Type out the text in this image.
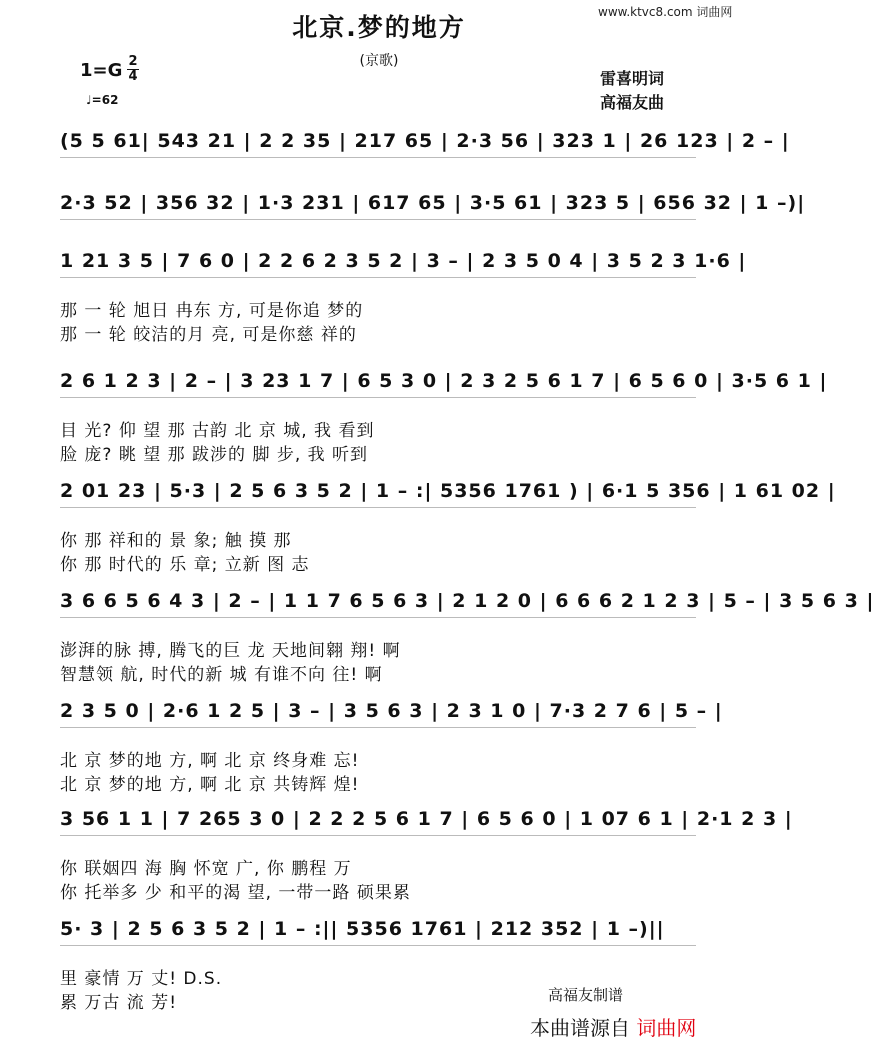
www.ktvc8.com 词曲网
北京.梦的地方
(京歌)
1=G 2
4
♩=62
雷喜明词
高福友曲
(5 5 61| 543 21 | 2 2 35 | 217 65 | 2·3 56 | 323 1 | 26 123 | 2 – |
2·3 52 | 356 32 | 1·3 231 | 617 65 | 3·5 61 | 323 5 | 656 32 | 1 –)|
1 21 3 5 | 7 6 0 | 2 2 6 2 3 5 2 | 3 – | 2 3 5 0 4 | 3 5 2 3 1·6 |
那 一 轮 旭日 冉东 方, 可是你追 梦的
那 一 轮 皎洁的月 亮, 可是你慈 祥的
2 6 1 2 3 | 2 – | 3 23 1 7 | 6 5 3 0 | 2 3 2 5 6 1 7 | 6 5 6 0 | 3·5 6 1 |
目 光? 仰 望 那 古韵 北 京 城, 我 看到
脸 庞? 眺 望 那 跋涉的 脚 步, 我 听到
2 01 23 | 5·3 | 2 5 6 3 5 2 | 1 – :| 5356 1761 ) | 6·1 5 356 | 1 61 02 |
你 那 祥和的 景 象; 触 摸 那
你 那 时代的 乐 章; 立新 图 志
3 6 6 5 6 4 3 | 2 – | 1 1 7 6 5 6 3 | 2 1 2 0 | 6 6 6 2 1 2 3 | 5 – | 3 5 6 3 |
澎湃的脉 搏, 腾飞的巨 龙 天地间翱 翔! 啊
智慧领 航, 时代的新 城 有谁不向 往! 啊
2 3 5 0 | 2·6 1 2 5 | 3 – | 3 5 6 3 | 2 3 1 0 | 7·3 2 7 6 | 5 – |
北 京 梦的地 方, 啊 北 京 终身难 忘!
北 京 梦的地 方, 啊 北 京 共铸辉 煌!
3 56 1 1 | 7 265 3 0 | 2 2 2 5 6 1 7 | 6 5 6 0 | 1 07 6 1 | 2·1 2 3 |
你 联姻四 海 胸 怀宽 广, 你 鹏程 万
你 托举多 少 和平的渴 望, 一带一路 硕果累
5· 3 | 2 5 6 3 5 2 | 1 – :|| 5356 1761 | 212 352 | 1 –)||
里 豪情 万 丈! D.S.
累 万古 流 芳!	高福友制谱
本曲谱源自 词曲网
